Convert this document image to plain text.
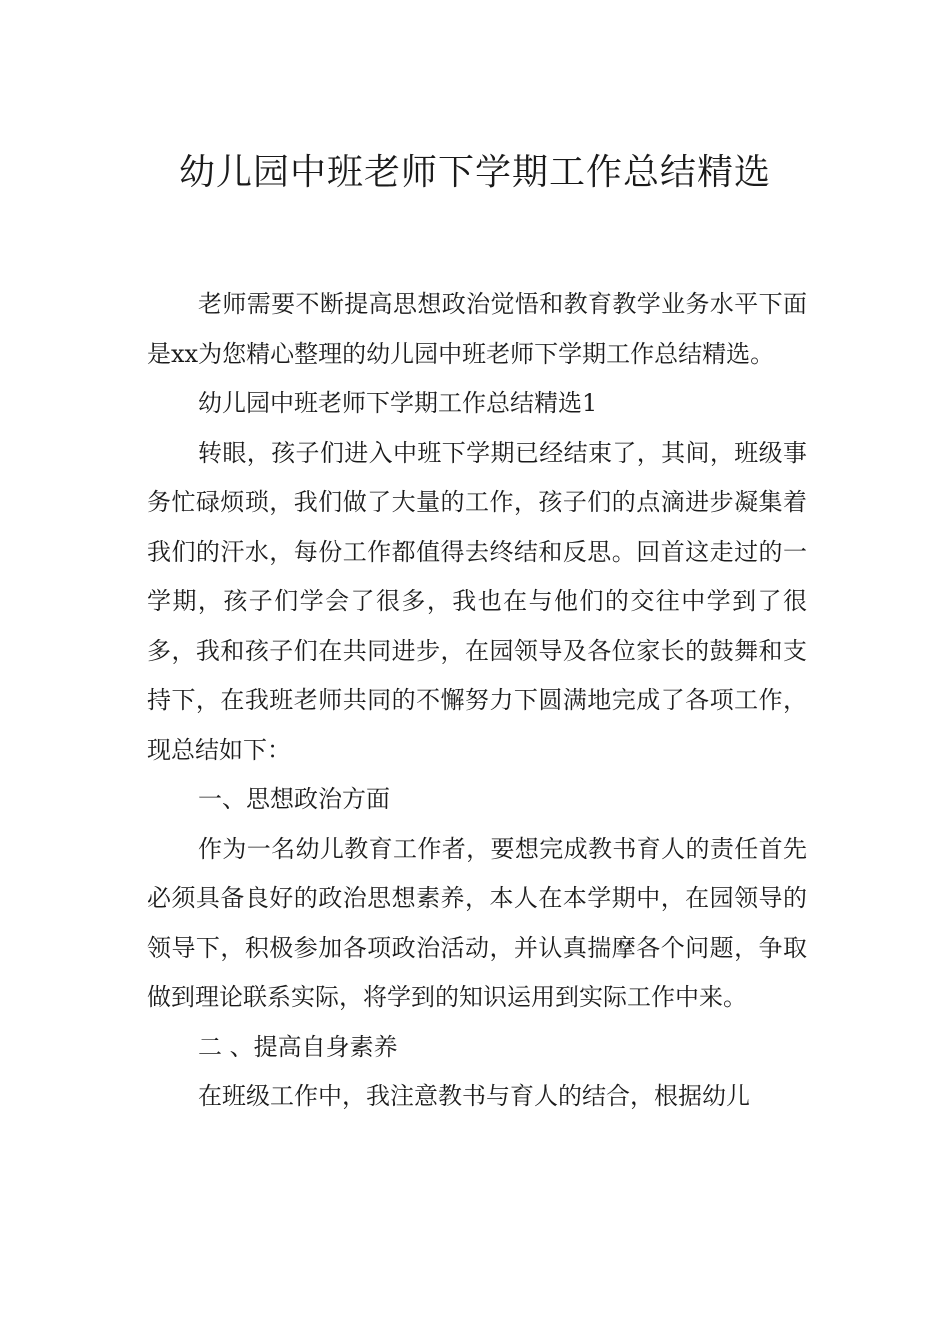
幼儿园中班老师下学期工作总结精选

老师需要不断提高思想政治觉悟和教育教学业务水平下面是xx为您精心整理的幼儿园中班老师下学期工作总结精选。

幼儿园中班老师下学期工作总结精选1

转眼，孩子们进入中班下学期已经结束了，其间，班级事务忙碌烦琐，我们做了大量的工作，孩子们的点滴进步凝集着我们的汗水，每份工作都值得去终结和反思。回首这走过的一学期，孩子们学会了很多，我也在与他们的交往中学到了很多，我和孩子们在共同进步，在园领导及各位家长的鼓舞和支持下，在我班老师共同的不懈努力下圆满地完成了各项工作，现总结如下：

一、思想政治方面

作为一名幼儿教育工作者，要想完成教书育人的责任首先必须具备良好的政治思想素养，本人在本学期中，在园领导的领导下，积极参加各项政治活动，并认真揣摩各个问题，争取做到理论联系实际，将学到的知识运用到实际工作中来。

二 、提高自身素养

在班级工作中，我注意教书与育人的结合，根据幼儿
